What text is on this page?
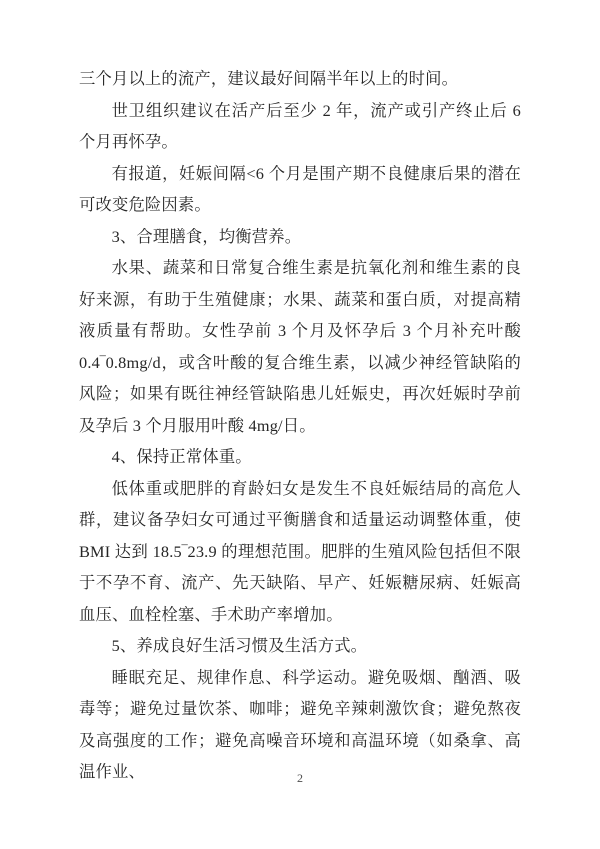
三个月以上的流产，建议最好间隔半年以上的时间。

世卫组织建议在活产后至少 2 年，流产或引产终止后 6 个月再怀孕。

有报道，妊娠间隔<6 个月是围产期不良健康后果的潜在可改变危险因素。

3、合理膳食，均衡营养。

水果、蔬菜和日常复合维生素是抗氧化剂和维生素的良好来源，有助于生殖健康；水果、蔬菜和蛋白质，对提高精液质量有帮助。女性孕前 3 个月及怀孕后 3 个月补充叶酸 0.4‾0.8mg/d，或含叶酸的复合维生素，以减少神经管缺陷的风险；如果有既往神经管缺陷患儿妊娠史，再次妊娠时孕前及孕后 3 个月服用叶酸 4mg/日。

4、保持正常体重。

低体重或肥胖的育龄妇女是发生不良妊娠结局的高危人群，建议备孕妇女可通过平衡膳食和适量运动调整体重，使 BMI 达到 18.5‾23.9 的理想范围。肥胖的生殖风险包括但不限于不孕不育、流产、先天缺陷、早产、妊娠糖尿病、妊娠高血压、血栓栓塞、手术助产率增加。

5、养成良好生活习惯及生活方式。

睡眠充足、规律作息、科学运动。避免吸烟、酗酒、吸毒等；避免过量饮茶、咖啡；避免辛辣刺激饮食；避免熬夜及高强度的工作；避免高噪音环境和高温环境（如桑拿、高温作业、	2
